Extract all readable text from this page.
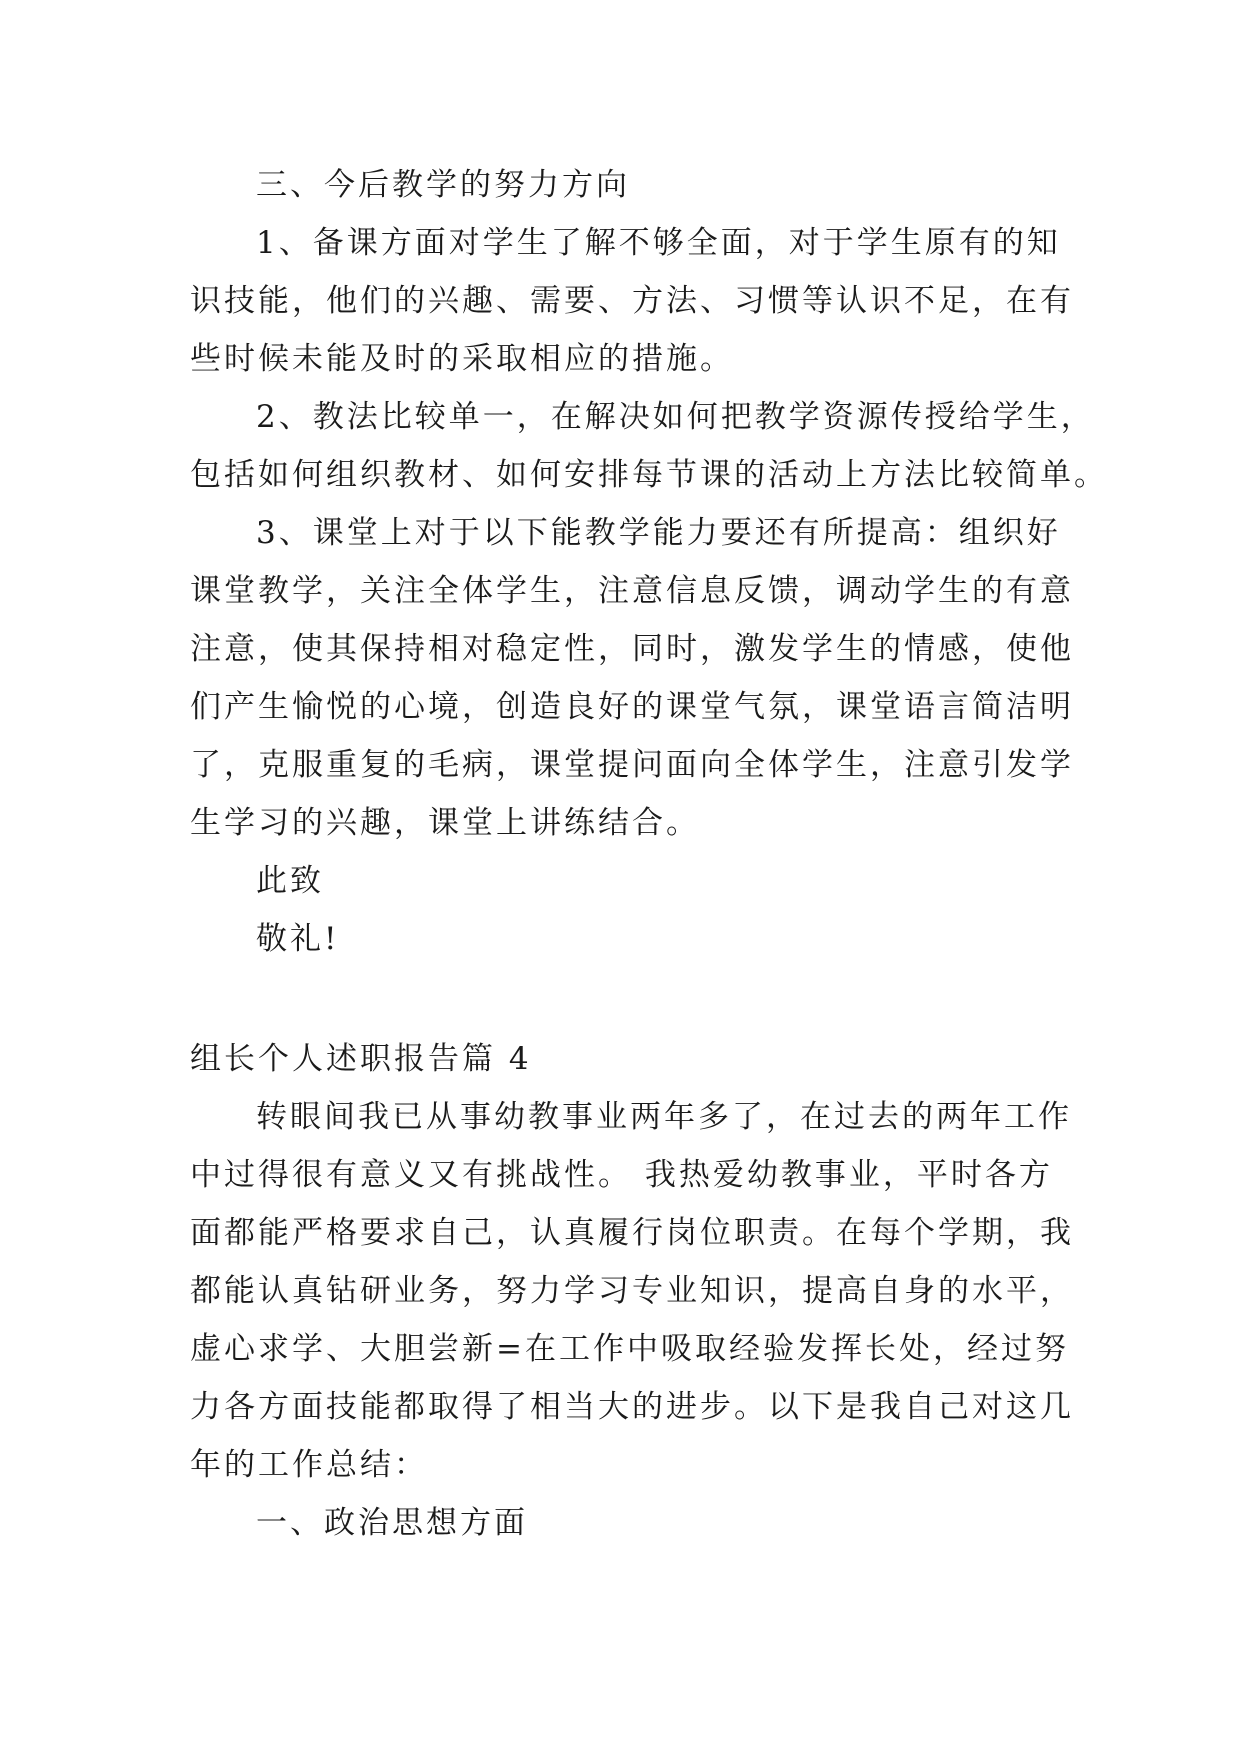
三、今后教学的努力方向
1、备课方面对学生了解不够全面，对于学生原有的知
识技能，他们的兴趣、需要、方法、习惯等认识不足，在有
些时候未能及时的采取相应的措施。
2、教法比较单一，在解决如何把教学资源传授给学生，
包括如何组织教材、如何安排每节课的活动上方法比较简单。
3、课堂上对于以下能教学能力要还有所提高：组织好
课堂教学，关注全体学生，注意信息反馈，调动学生的有意
注意，使其保持相对稳定性，同时，激发学生的情感，使他
们产生愉悦的心境，创造良好的课堂气氛，课堂语言简洁明
了，克服重复的毛病，课堂提问面向全体学生，注意引发学
生学习的兴趣，课堂上讲练结合。
此致
敬礼!
组长个人述职报告篇 4
转眼间我已从事幼教事业两年多了，在过去的两年工作
中过得很有意义又有挑战性。 我热爱幼教事业，平时各方
面都能严格要求自己，认真履行岗位职责。在每个学期，我
都能认真钻研业务，努力学习专业知识，提高自身的水平，
虚心求学、大胆尝新=在工作中吸取经验发挥长处，经过努
力各方面技能都取得了相当大的进步。以下是我自己对这几
年的工作总结：
一、政治思想方面
